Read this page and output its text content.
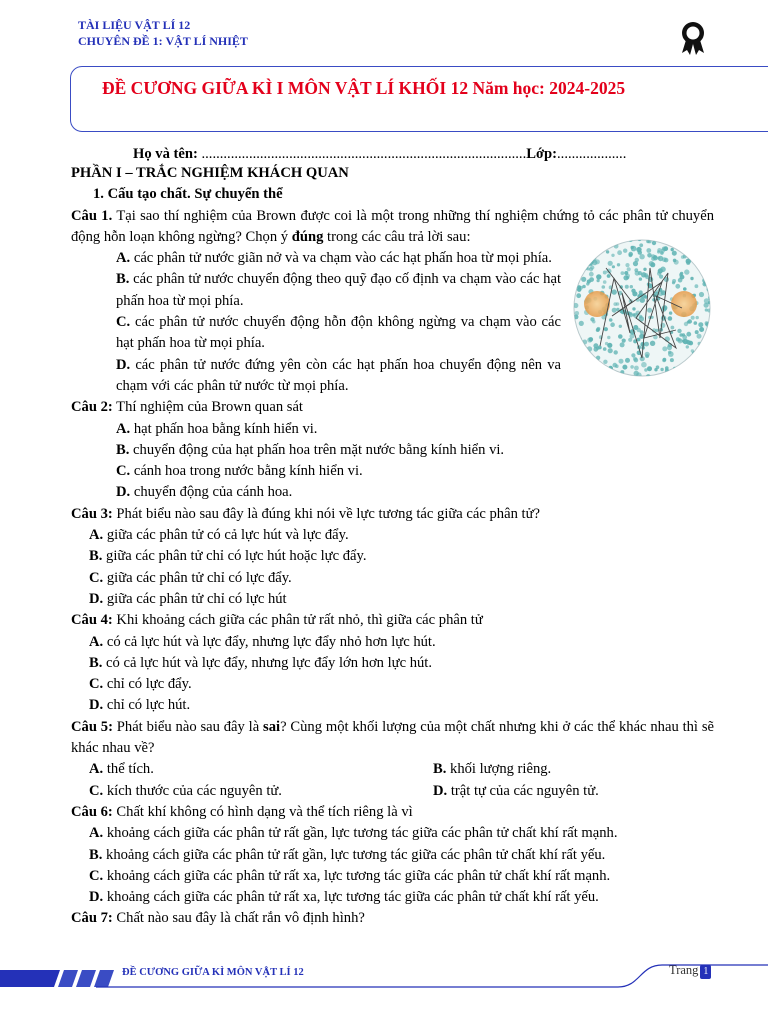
TÀI LIỆU VẬT LÍ 12
CHUYÊN ĐỀ 1: VẬT LÍ NHIỆT
ĐỀ CƯƠNG GIỮA KÌ I MÔN VẬT LÍ KHỐI 12 Năm học: 2024-2025
Họ và tên: .........................................................................................Lớp:...................

PHẦN I – TRẮC NGHIỆM KHÁCH QUAN

1. Cấu tạo chất. Sự chuyển thể

Câu 1. Tại sao thí nghiệm của Brown được coi là một trong những thí nghiệm chứng tỏ các phân tử chuyển động hỗn loạn không ngừng? Chọn ý đúng trong các câu trả lời sau:

A. các phân tử nước giãn nở và va chạm vào các hạt phấn hoa từ mọi phía.

B. các phân tử nước chuyển động theo quỹ đạo cố định va chạm vào các hạt phấn hoa từ mọi phía.

C. các phân tử nước chuyển động hỗn độn không ngừng va chạm vào các hạt phấn hoa từ mọi phía.

D. các phân tử nước đứng yên còn các hạt phấn hoa chuyển động nên va chạm với các phân tử nước từ mọi phía.

Câu 2: Thí nghiệm của Brown quan sát

A. hạt phấn hoa bằng kính hiển vi.

B. chuyển động của hạt phấn hoa trên mặt nước bằng kính hiển vi.

C. cánh hoa trong nước bằng kính hiển vi.

D. chuyển động của cánh hoa.

Câu 3: Phát biểu nào sau đây là đúng khi nói về lực tương tác giữa các phân tử?

A. giữa các phân tử có cả lực hút và lực đẩy.

B. giữa các phân tử chỉ có lực hút hoặc lực đẩy.

C. giữa các phân tử chỉ có lực đẩy.

D. giữa các phân tử chỉ có lực hút

Câu 4: Khi khoảng cách giữa các phân tử rất nhỏ, thì giữa các phân tử

A. có cả lực hút và lực đẩy, nhưng lực đẩy nhỏ hơn lực hút.

B. có cả lực hút và lực đẩy, nhưng lực đẩy lớn hơn lực hút.

C. chỉ có lực đẩy.

D. chỉ có lực hút.

Câu 5: Phát biểu nào sau đây là sai? Cùng một khối lượng của một chất nhưng khi ở các thể khác nhau thì sẽ khác nhau về?

A. thể tích.	B. khối lượng riêng.
C. kích thước của các nguyên tử.	D. trật tự của các nguyên tử.

Câu 6: Chất khí không có hình dạng và thể tích riêng là vì

A. khoảng cách giữa các phân tử rất gần, lực tương tác giữa các phân tử chất khí rất mạnh.

B. khoảng cách giữa các phân tử rất gần, lực tương tác giữa các phân tử chất khí rất yếu.

C. khoảng cách giữa các phân tử rất xa, lực tương tác giữa các phân tử chất khí rất mạnh.

D. khoảng cách giữa các phân tử rất xa, lực tương tác giữa các phân tử chất khí rất yếu.

Câu 7: Chất nào sau đây là chất rắn vô định hình?

ĐỀ CƯƠNG GIỮA KÌ MÔN VẬT LÍ 12	Trang 1
